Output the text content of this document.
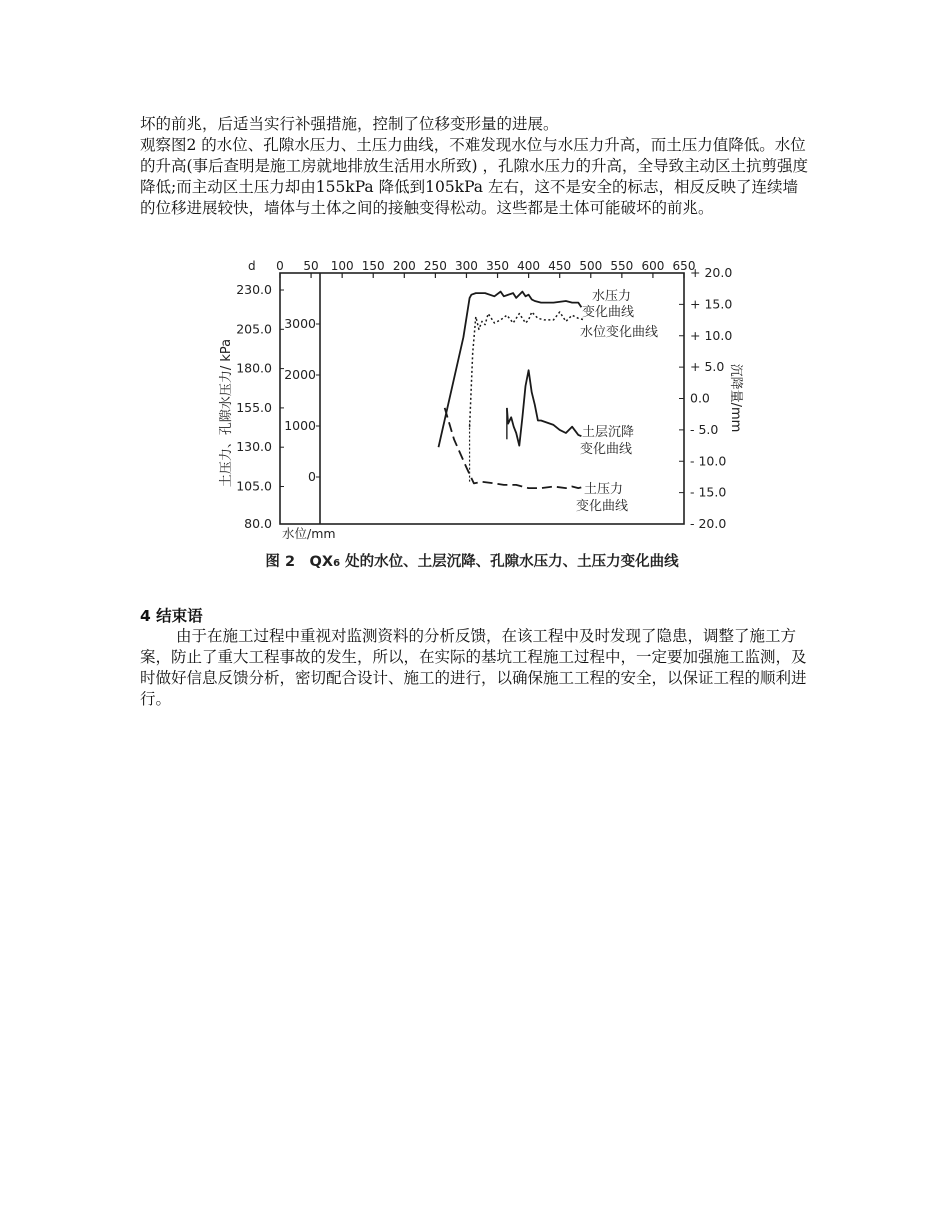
坏的前兆，后适当实行补强措施，控制了位移变形量的进展。

观察图2 的水位、孔隙水压力、土压力曲线，不难发现水位与水压力升高，而土压力值降低。水位的升高(事后查明是施工房就地排放生活用水所致) ，孔隙水压力的升高，全导致主动区土抗剪强度降低;而主动区土压力却由155kPa 降低到105kPa 左右，这不是安全的标志，相反反映了连续墙的位移进展较快，墙体与土体之间的接触变得松动。这些都是土体可能破坏的前兆。

d 0 50 100 150 200 250 300 350 400 450 500 550 600 650
230.0
205.0
180.0
155.0
130.0
105.0
80.0
土压力、孔隙水压力/ kPa
3000
2000
1000
0
水位/mm
+ 20.0
+ 15.0
+ 10.0
+ 5.0
0.0
- 5.0
- 10.0
- 15.0
- 20.0
沉降量/mm
水压力
变化曲线
水位变化曲线
土层沉降
变化曲线
土压力
变化曲线

图 2　QX6 处的水位、土层沉降、孔隙水压力、土压力变化曲线

4 结束语

由于在施工过程中重视对监测资料的分析反馈，在该工程中及时发现了隐患，调整了施工方案，防止了重大工程事故的发生，所以，在实际的基坑工程施工过程中，一定要加强施工监测，及时做好信息反馈分析，密切配合设计、施工的进行，以确保施工工程的安全，以保证工程的顺利进行。
